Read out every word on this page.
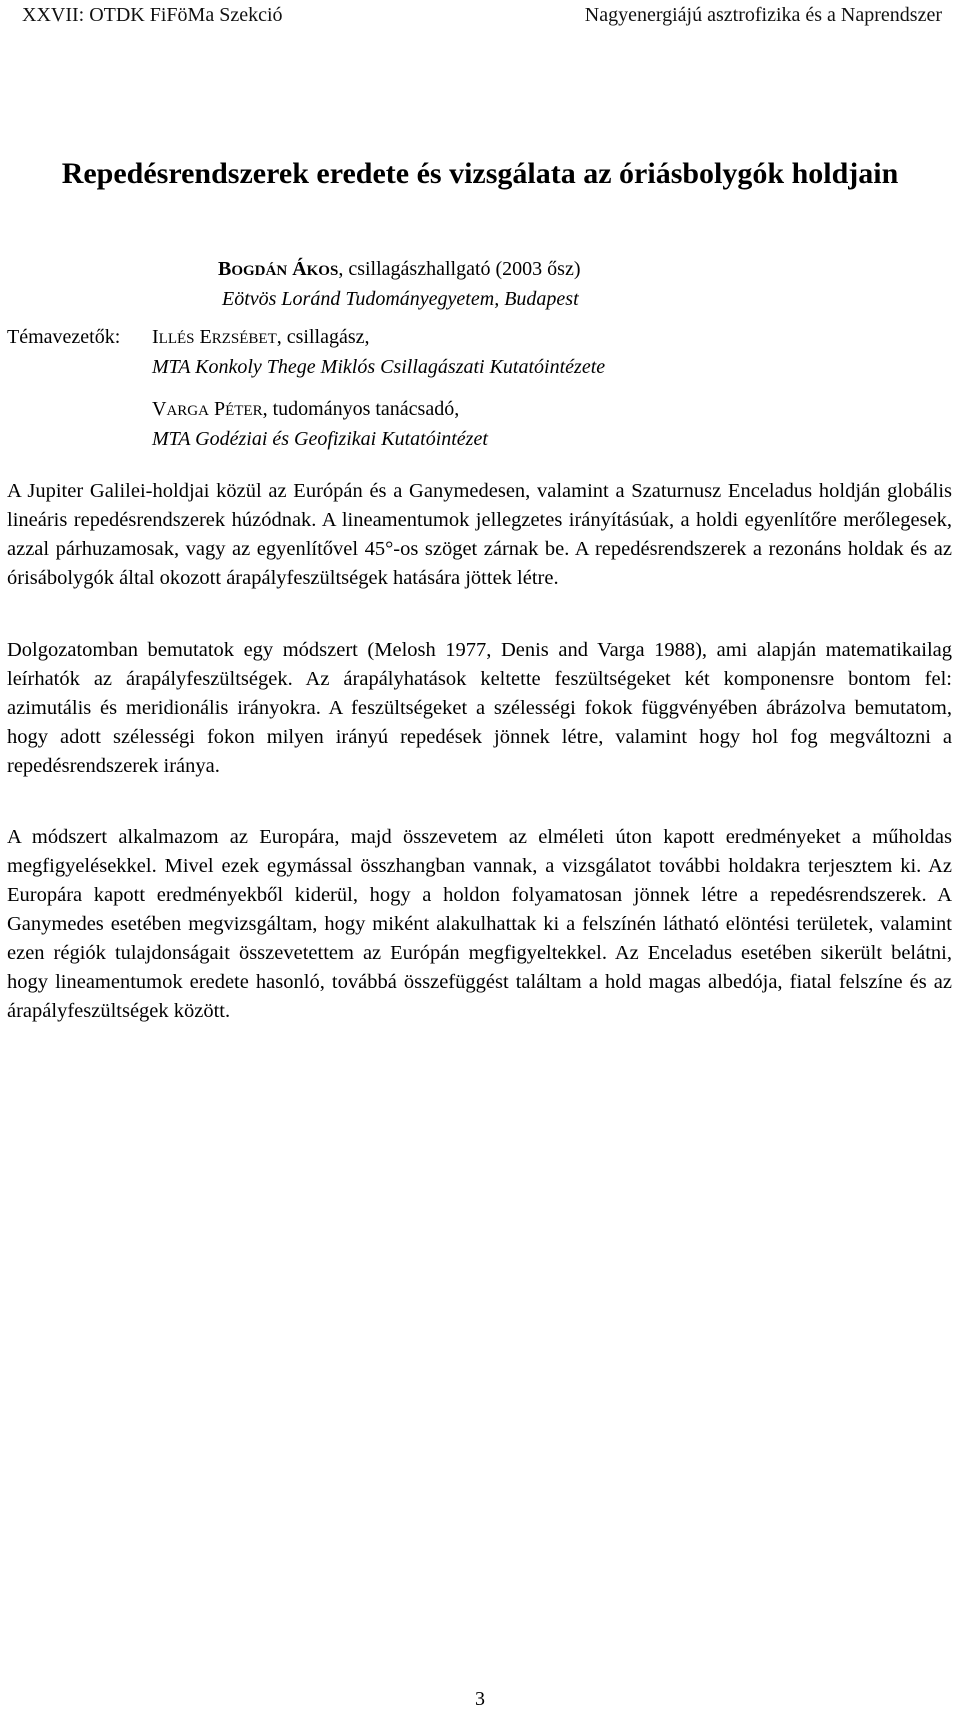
XXVII: OTDK FiFöMa Szekció	Nagyenergiájú asztrofizika és a Naprendszer
Repedésrendszerek eredete és vizsgálata az óriásbolygók holdjain
BOGDÁN ÁKOS, csillagászhallgató (2003 ősz)
Eötvös Loránd Tudományegyetem, Budapest
Témavezetők: ILLÉS ERZSÉBET, csillagász,
MTA Konkoly Thege Miklós Csillagászati Kutatóintézete
VARGA PÉTER, tudományos tanácsadó,
MTA Godéziai és Geofizikai Kutatóintézet

A Jupiter Galilei-holdjai közül az Európán és a Ganymedesen, valamint a Szaturnusz Enceladus holdján globális lineáris repedésrendszerek húzódnak. A lineamentumok jellegzetes irányításúak, a holdi egyenlítőre merőlegesek, azzal párhuzamosak, vagy az egyenlítővel 45°-os szöget zárnak be. A repedésrendszerek a rezonáns holdak és az órisábolygók által okozott árapályfeszültségek hatására jöttek létre.

Dolgozatomban bemutatok egy módszert (Melosh 1977, Denis and Varga 1988), ami alapján matematikailag leírhatók az árapályfeszültségek. Az árapályhatások keltette feszültségeket két komponensre bontom fel: azimutális és meridionális irányokra. A feszültségeket a szélességi fokok függvényében ábrázolva bemutatom, hogy adott szélességi fokon milyen irányú repedések jönnek létre, valamint hogy hol fog megváltozni a repedésrendszerek iránya.

A módszert alkalmazom az Europára, majd összevetem az elméleti úton kapott eredményeket a műholdas megfigyelésekkel. Mivel ezek egymással összhangban vannak, a vizsgálatot további holdakra terjesztem ki. Az Europára kapott eredményekből kiderül, hogy a holdon folyamatosan jönnek létre a repedésrendszerek. A Ganymedes esetében megvizsgáltam, hogy miként alakulhattak ki a felszínén látható elöntési területek, valamint ezen régiók tulajdonságait összevetettem az Európán megfigyeltekkel. Az Enceladus esetében sikerült belátni, hogy lineamentumok eredete hasonló, továbbá összefüggést találtam a hold magas albedója, fiatal felszíne és az árapályfeszültségek között.

3
